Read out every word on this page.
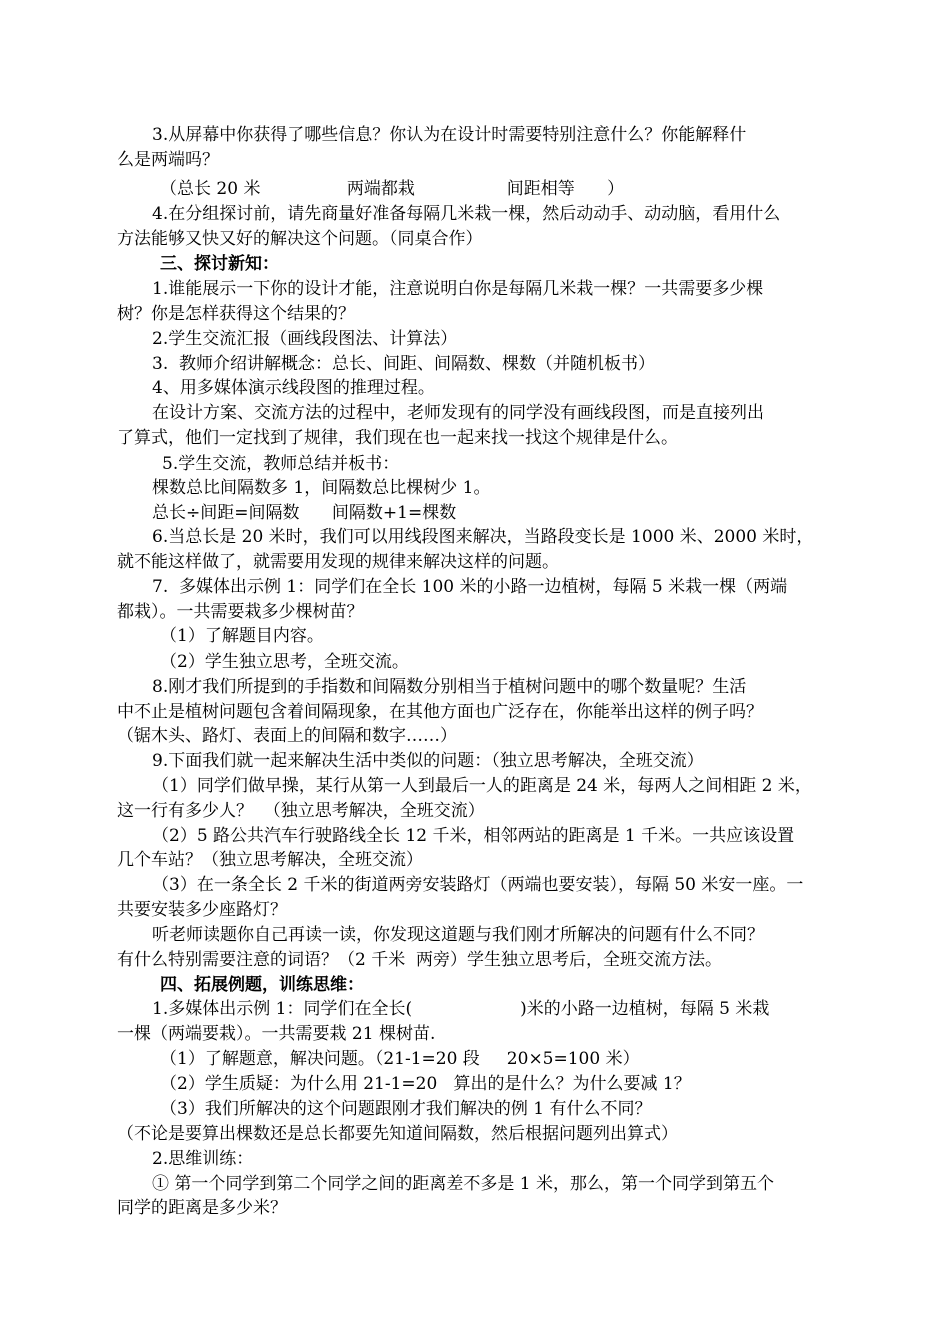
3.从屏幕中你获得了哪些信息？你认为在设计时需要特别注意什么？你能解释什
么是两端吗？
（总长 20 米                两端都栽                 间距相等      ）
4.在分组探讨前，请先商量好准备每隔几米栽一棵，然后动动手、动动脑，看用什么
方法能够又快又好的解决这个问题。（同桌合作）
三、探讨新知：
1.谁能展示一下你的设计才能，注意说明白你是每隔几米栽一棵？一共需要多少棵
树？你是怎样获得这个结果的？
2.学生交流汇报（画线段图法、计算法）
3.  教师介绍讲解概念：总长、间距、间隔数、棵数（并随机板书）
4、用多媒体演示线段图的推理过程。
在设计方案、交流方法的过程中，老师发现有的同学没有画线段图，而是直接列出
了算式，他们一定找到了规律，我们现在也一起来找一找这个规律是什么。
5.学生交流，教师总结并板书：
棵数总比间隔数多 1，间隔数总比棵树少 1。
总长÷间距=间隔数      间隔数+1=棵数
6.当总长是 20 米时，我们可以用线段图来解决，当路段变长是 1000 米、2000 米时，
就不能这样做了，就需要用发现的规律来解决这样的问题。
7.  多媒体出示例 1：同学们在全长 100 米的小路一边植树，每隔 5 米栽一棵（两端
都栽）。一共需要栽多少棵树苗？
（1）了解题目内容。
（2）学生独立思考，全班交流。
8.刚才我们所提到的手指数和间隔数分别相当于植树问题中的哪个数量呢？生活
中不止是植树问题包含着间隔现象，在其他方面也广泛存在，你能举出这样的例子吗？
（锯木头、路灯、表面上的间隔和数字……）
9.下面我们就一起来解决生活中类似的问题：（独立思考解决，全班交流）
（1）同学们做早操，某行从第一人到最后一人的距离是 24 米，每两人之间相距 2 米，
这一行有多少人？  （独立思考解决，全班交流）
（2）5 路公共汽车行驶路线全长 12 千米，相邻两站的距离是 1 千米。一共应该设置
几个车站？（独立思考解决，全班交流）
（3）在一条全长 2 千米的街道两旁安装路灯（两端也要安装），每隔 50 米安一座。一
共要安装多少座路灯？
听老师读题你自己再读一读，你发现这道题与我们刚才所解决的问题有什么不同？
有什么特别需要注意的词语？（2 千米  两旁）学生独立思考后，全班交流方法。
四、拓展例题，训练思维：
1.多媒体出示例 1：同学们在全长(                    )米的小路一边植树，每隔 5 米栽
一棵（两端要栽）。一共需要栽 21 棵树苗.
（1）了解题意，解决问题。（21-1=20 段     20×5=100 米）
（2）学生质疑：为什么用 21-1=20   算出的是什么？为什么要减 1？
（3）我们所解决的这个问题跟刚才我们解决的例 1 有什么不同？
（不论是要算出棵数还是总长都要先知道间隔数，然后根据问题列出算式）
2.思维训练：
① 第一个同学到第二个同学之间的距离差不多是 1 米，那么，第一个同学到第五个
同学的距离是多少米？
